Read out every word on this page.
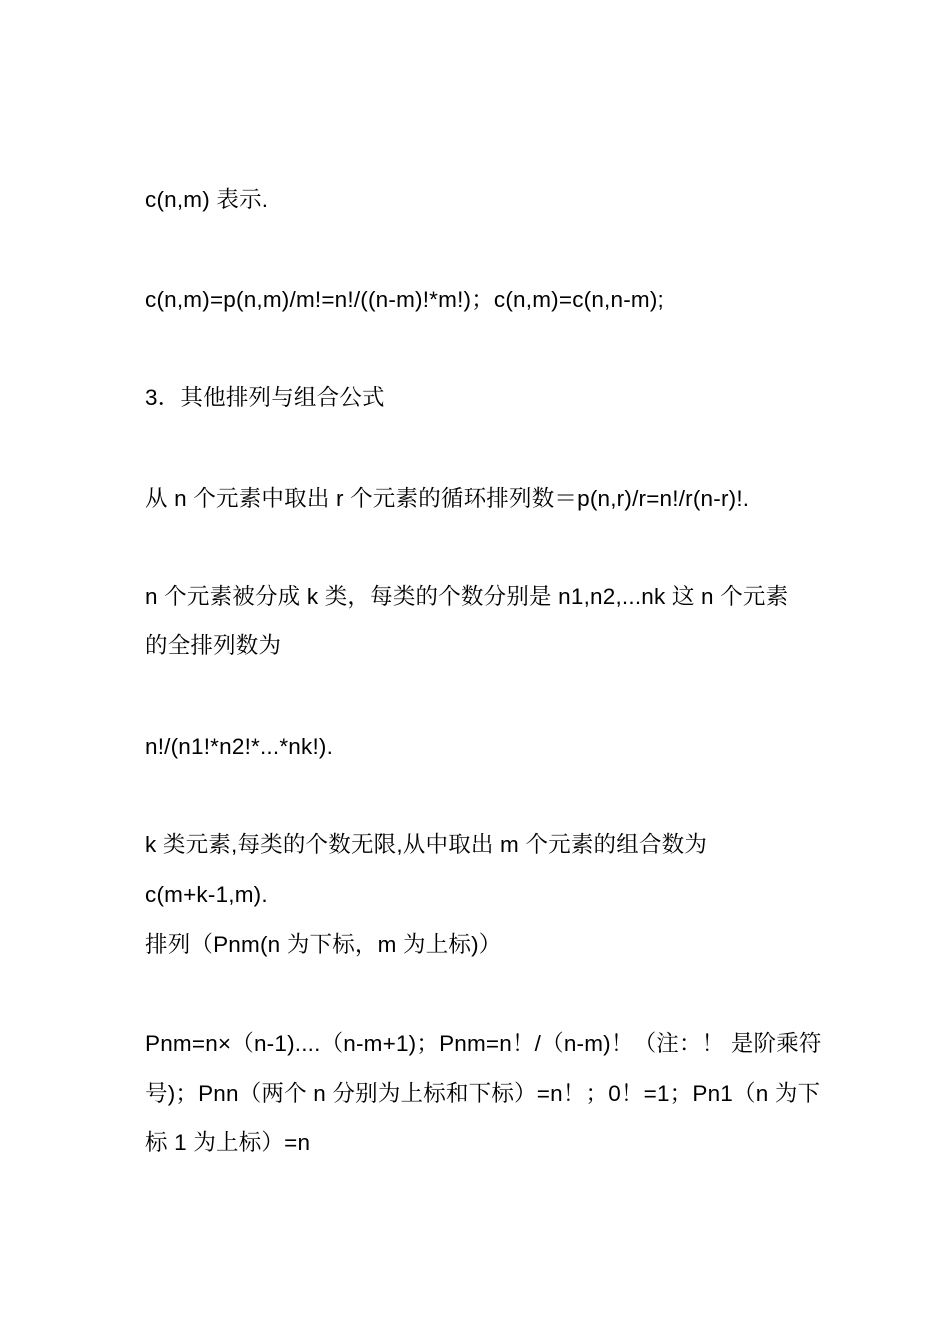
c(n,m) 表示.
c(n,m)=p(n,m)/m!=n!/((n-m)!*m!)；c(n,m)=c(n,n-m);
3．其他排列与组合公式
从 n 个元素中取出 r 个元素的循环排列数＝p(n,r)/r=n!/r(n-r)!.
n 个元素被分成 k 类，每类的个数分别是 n1,n2,...nk 这 n 个元素
的全排列数为
n!/(n1!*n2!*...*nk!).
k 类元素,每类的个数无限,从中取出 m 个元素的组合数为
c(m+k-1,m).
排列（Pnm(n 为下标，m 为上标)）
Pnm=n×（n-1)....（n-m+1)；Pnm=n！/（n-m)！（注：！ 是阶乘符
号)；Pnn（两个 n 分别为上标和下标）=n！；0！=1；Pn1（n 为下
标 1 为上标）=n
